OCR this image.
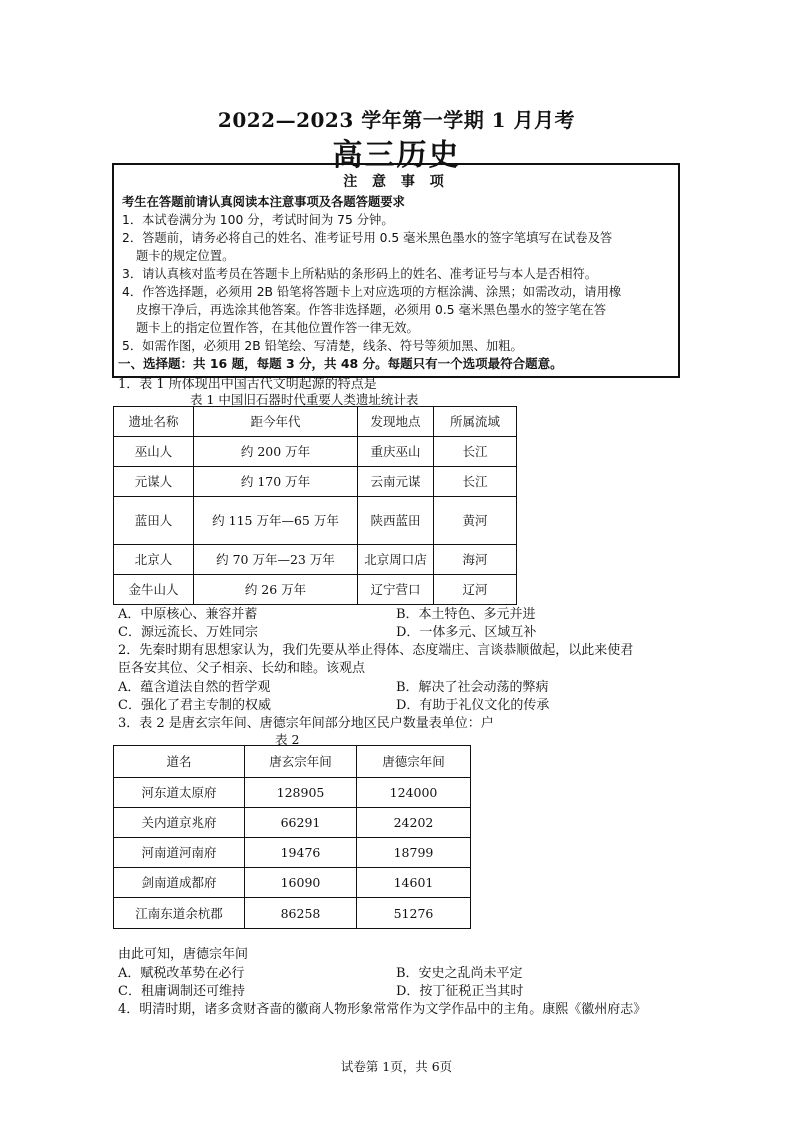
2022—2023 学年第一学期 1 月月考
高三历史
注 意 事 项
考生在答题前请认真阅读本注意事项及各题答题要求
1．本试卷满分为 100 分，考试时间为 75 分钟。
2．答题前，请务必将自己的姓名、准考证号用 0.5 毫米黑色墨水的签字笔填写在试卷及答
题卡的规定位置。
3．请认真核对监考员在答题卡上所粘贴的条形码上的姓名、准考证号与本人是否相符。
4．作答选择题，必须用 2B 铅笔将答题卡上对应选项的方框涂满、涂黑；如需改动，请用橡
皮擦干净后，再选涂其他答案。作答非选择题，必须用 0.5 毫米黑色墨水的签字笔在答
题卡上的指定位置作答，在其他位置作答一律无效。
5．如需作图，必须用 2B 铅笔绘、写清楚，线条、符号等须加黑、加粗。
一、选择题：共 16 题，每题 3 分，共 48 分。每题只有一个选项最符合题意。
1．表 1 所体现出中国古代文明起源的特点是
表 1 中国旧石器时代重要人类遗址统计表
遗址名称	距今年代	发现地点	所属流域
巫山人	约 200 万年	重庆巫山	长江
元谋人	约 170 万年	云南元谋	长江
蓝田人	约 115 万年—65 万年	陕西蓝田	黄河
北京人	约 70 万年—23 万年	北京周口店	海河
金牛山人	约 26 万年	辽宁营口	辽河
A．中原核心、兼容并蓄	B．本土特色、多元并进
C．源远流长、万姓同宗	D．一体多元、区域互补
2．先秦时期有思想家认为，我们先要从举止得体、态度端庄、言谈恭顺做起，以此来使君
臣各安其位、父子相亲、长幼和睦。该观点
A．蕴含道法自然的哲学观	B．解决了社会动荡的弊病
C．强化了君主专制的权威	D．有助于礼仪文化的传承
3．表 2 是唐玄宗年间、唐德宗年间部分地区民户数量表单位：户
表 2
道名	唐玄宗年间	唐德宗年间
河东道太原府	128905	124000
关内道京兆府	66291	24202
河南道河南府	19476	18799
剑南道成都府	16090	14601
江南东道余杭郡	86258	51276
由此可知，唐德宗年间
A．赋税改革势在必行	B．安史之乱尚未平定
C．租庸调制还可维持	D．按丁征税正当其时
4．明清时期，诸多贪财吝啬的徽商人物形象常常作为文学作品中的主角。康熙《徽州府志》
试卷第 1页，共 6页
